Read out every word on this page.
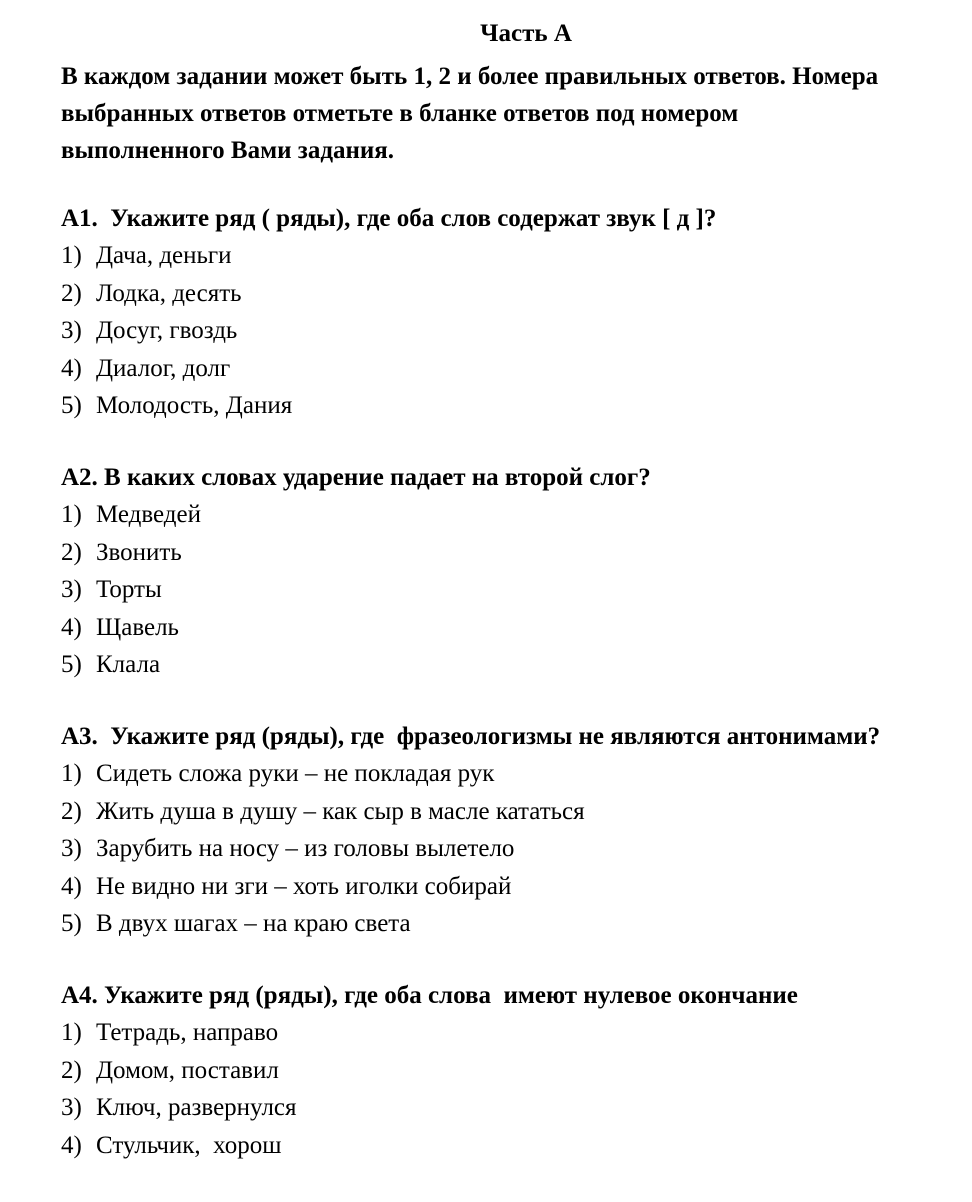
Часть А
В каждом задании может быть 1, 2 и более правильных ответов. Номера
выбранных ответов отметьте в бланке ответов под номером
выполненного Вами задания.
А1.  Укажите ряд ( ряды), где оба слов содержат звук [ д ]?
1) Дача, деньги
2) Лодка, десять
3) Досуг, гвоздь
4) Диалог, долг
5) Молодость, Дания
А2. В каких словах ударение падает на второй слог?
1) Медведей
2) Звонить
3) Торты
4) Щавель
5) Клала
А3.  Укажите ряд (ряды), где  фразеологизмы не являются антонимами?
1) Сидеть сложа руки – не покладая рук
2) Жить душа в душу – как сыр в масле кататься
3) Зарубить на носу – из головы вылетело
4) Не видно ни зги – хоть иголки собирай
5) В двух шагах – на краю света
А4. Укажите ряд (ряды), где оба слова  имеют нулевое окончание
1) Тетрадь, направо
2) Домом, поставил
3) Ключ, развернулся
4) Стульчик,  хорош
